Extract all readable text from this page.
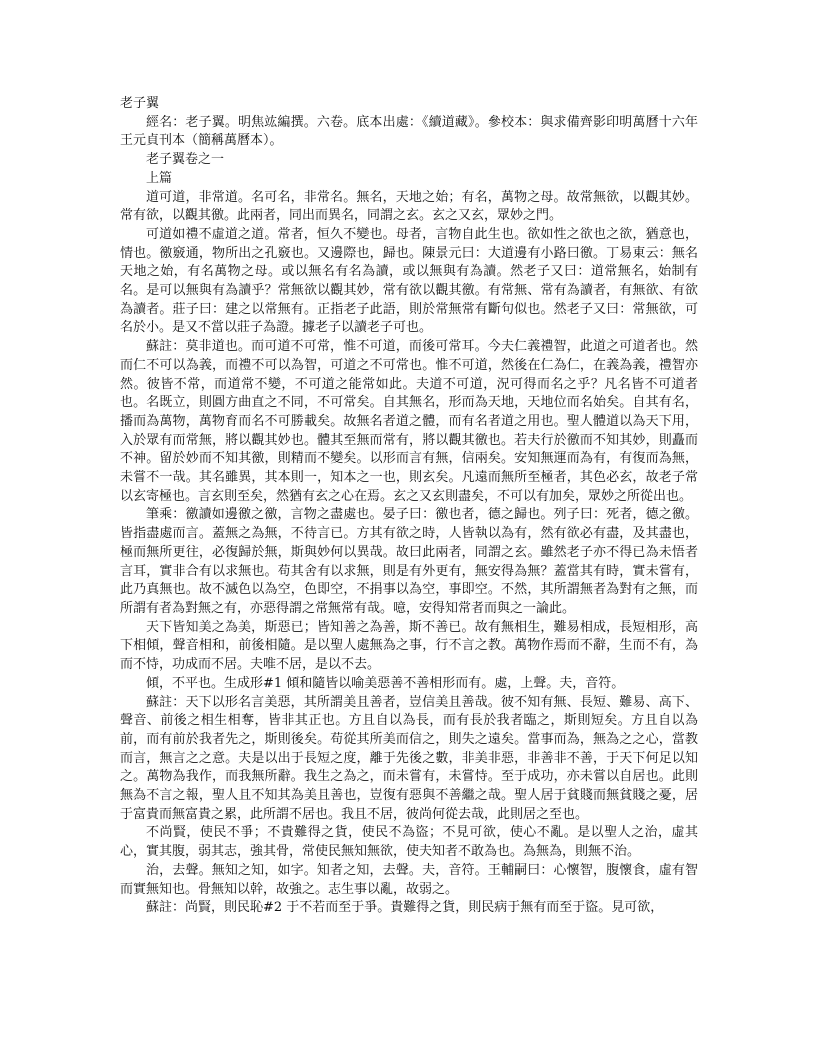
老子翼

經名：老子翼。明焦竑編撰。六卷。底本出處：《續道藏》。參校本：與求備齊影印明萬曆十六年王元貞刊本（簡稱萬曆本）。

老子翼卷之一

上篇

道可道，非常道。名可名，非常名。無名，天地之始；有名，萬物之母。故常無欲，以觀其妙。常有欲，以觀其徼。此兩者，同出而異名，同謂之玄。玄之又玄，眾妙之門。

可道如禮不虛道之道。常者，恒久不變也。母者，言物自此生也。欲如性之欲也之欲，猶意也，情也。徼竅通，物所出之孔竅也。又邊際也，歸也。陳景元曰：大道邊有小路曰徼。丁易東云：無名天地之始，有名萬物之母。或以無名有名為讀，或以無與有為讀。然老子又曰：道常無名，始制有名。是可以無與有為讀乎？常無欲以觀其妙，常有欲以觀其徼。有常無、常有為讀者，有無欲、有欲為讀者。莊子曰：建之以常無有。正指老子此語，則於常無常有斷句似也。然老子又曰：常無欲，可名於小。是又不當以莊子為證。據老子以讀老子可也。

蘇註：莫非道也。而可道不可常，惟不可道，而後可常耳。今夫仁義禮智，此道之可道者也。然而仁不可以為義，而禮不可以為智，可道之不可常也。惟不可道，然後在仁為仁，在義為義，禮智亦然。彼皆不常，而道常不變，不可道之能常如此。夫道不可道，況可得而名之乎？凡名皆不可道者也。名既立，則圓方曲直之不同，不可常矣。自其無名，形而為天地，天地位而名始矣。自其有名，播而為萬物，萬物育而名不可勝載矣。故無名者道之體，而有名者道之用也。聖人體道以為天下用，入於眾有而常無，將以觀其妙也。體其至無而常有，將以觀其徼也。若夫行於徼而不知其妙，則矗而不神。留於妙而不知其徼，則精而不變矣。以形而言有無，信兩矣。安知無運而為有，有復而為無，未嘗不一哉。其名雖異，其本則一，知本之一也，則玄矣。凡遠而無所至極者，其色必玄，故老子常以玄寄極也。言玄則至矣，然猶有玄之心在焉。玄之又玄則盡矣，不可以有加矣，眾妙之所從出也。

筆乘：徼讀如邊徼之徼，言物之盡處也。晏子曰：徼也者，德之歸也。列子曰：死者，德之徼。皆指盡處而言。蓋無之為無，不待言已。方其有欲之時，人皆執以為有，然有欲必有盡，及其盡也，極而無所更往，必復歸於無，斯與妙何以異哉。故曰此兩者，同謂之玄。雖然老子亦不得已為未悟者言耳，實非合有以求無也。苟其舍有以求無，則是有外更有，無安得為無？蓋當其有時，實未嘗有，此乃真無也。故不滅色以為空，色即空，不捐事以為空，事即空。不然，其所謂無者為對有之無，而所謂有者為對無之有，亦惡得謂之常無常有哉。噫，安得知常者而與之一論此。

天下皆知美之為美，斯惡已；皆知善之為善，斯不善已。故有無相生，難易相成，長短相形，高下相傾，聲音相和，前後相隨。是以聖人處無為之事，行不言之教。萬物作焉而不辭，生而不有，為而不恃，功成而不居。夫唯不居，是以不去。

傾，不平也。生成形#1 傾和隨皆以喻美惡善不善相形而有。處，上聲。夫，音符。

蘇註：天下以形名言美惡，其所謂美且善者，豈信美且善哉。彼不知有無、長短、難易、高下、聲音、前後之相生相奪，皆非其正也。方且自以為長，而有長於我者臨之，斯則短矣。方且自以為前，而有前於我者先之，斯則後矣。苟從其所美而信之，則失之遠矣。當事而為，無為之之心，當教而言，無言之之意。夫是以出于長短之度，離于先後之數，非美非惡，非善非不善，于天下何足以知之。萬物為我作，而我無所辭。我生之為之，而未嘗有，未嘗恃。至于成功，亦未嘗以自居也。此則無為不言之報，聖人且不知其為美且善也，豈復有惡與不善繼之哉。聖人居于貧賤而無貧賤之憂，居于富貴而無富貴之累，此所謂不居也。我且不居，彼尚何從去哉，此則居之至也。

不尚賢，使民不爭；不貴難得之貨，使民不為盜；不見可欲，使心不亂。是以聖人之治，虛其心，實其腹，弱其志，強其骨，常使民無知無欲，使夫知者不敢為也。為無為，則無不治。

治，去聲。無知之知，如字。知者之知，去聲。夫，音符。王輔嗣曰：心懷智，腹懷食，虛有智而實無知也。骨無知以幹，故強之。志生事以亂，故弱之。

蘇註：尚賢，則民恥#2 于不若而至于爭。貴難得之貨，則民病于無有而至于盜。見可欲，
